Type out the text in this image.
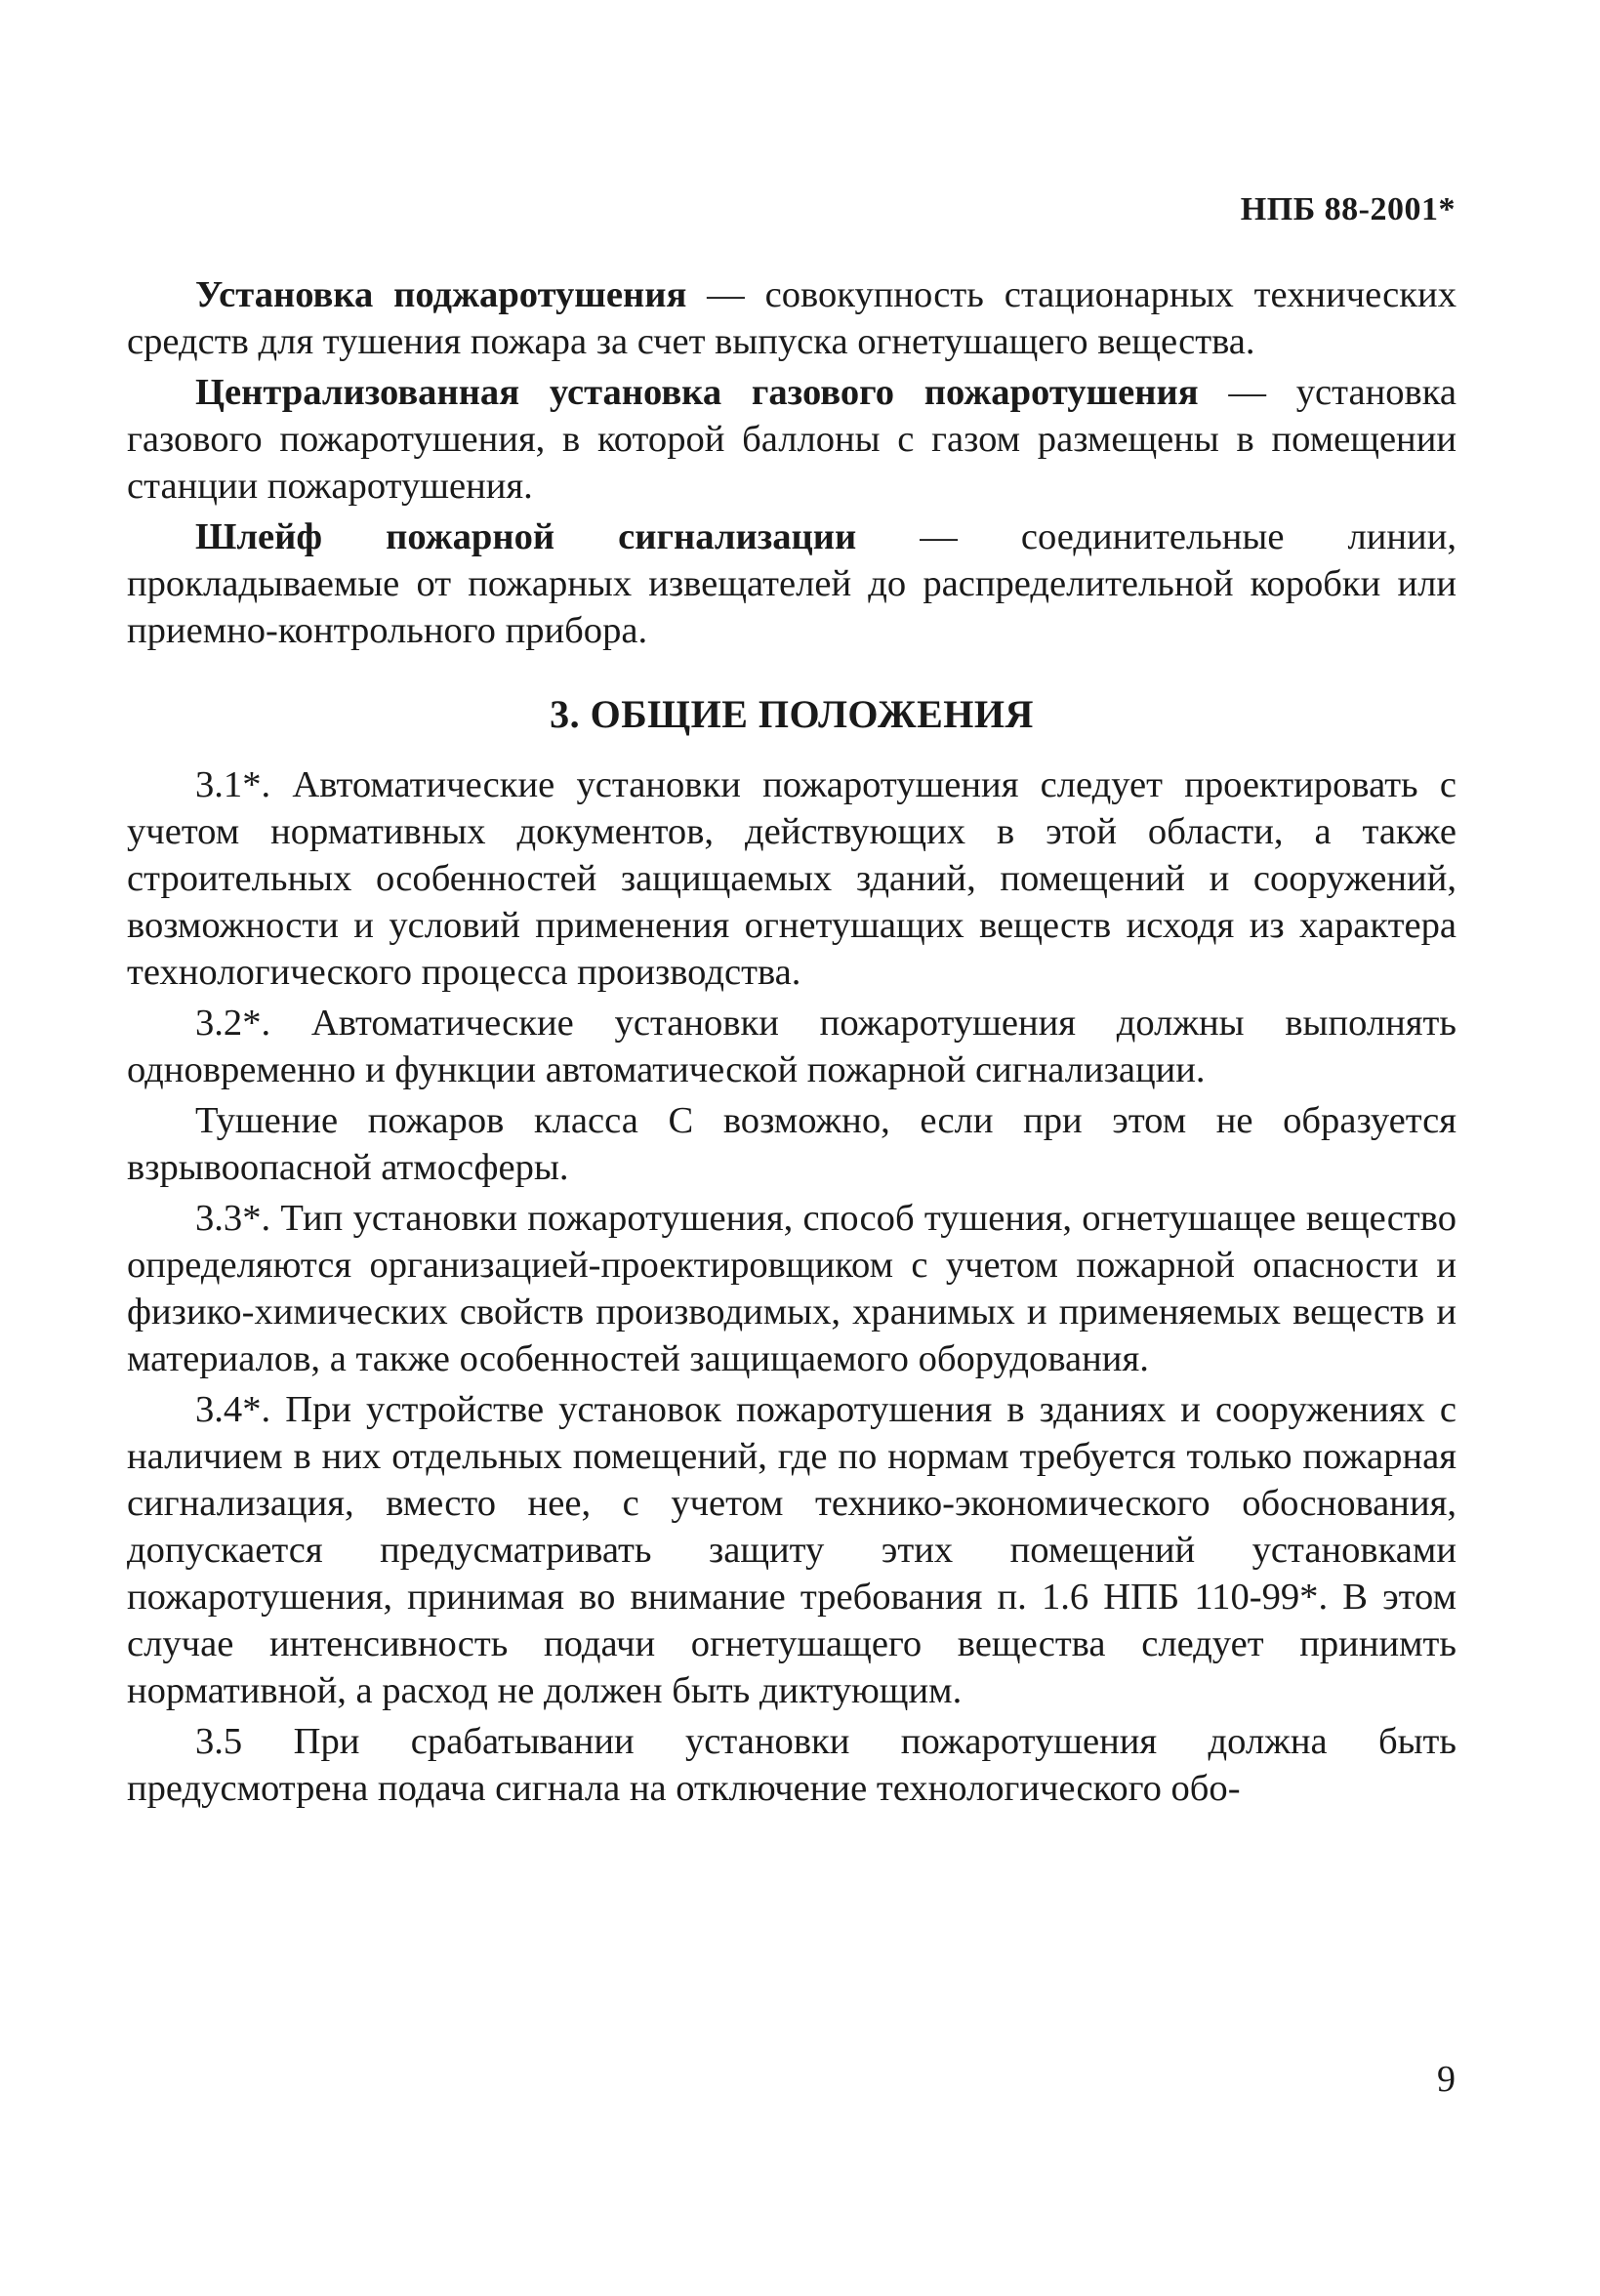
НПБ 88-2001*

Установка поджаротушения — совокупность стационарных технических средств для тушения пожара за счет выпуска огнетушащего вещества.

Централизованная установка газового пожаротушения — установка газового пожаротушения, в которой баллоны с газом размещены в помещении станции пожаротушения.

Шлейф пожарной сигнализации — соединительные линии, прокладываемые от пожарных извещателей до распределительной коробки или приемно-контрольного прибора.

3. ОБЩИЕ ПОЛОЖЕНИЯ

3.1*. Автоматические установки пожаротушения следует проектировать с учетом нормативных документов, действующих в этой области, а также строительных особенностей защищаемых зданий, помещений и сооружений, возможности и условий применения огнетушащих веществ исходя из характера технологического процесса производства.

3.2*. Автоматические установки пожаротушения должны выполнять одновременно и функции автоматической пожарной сигнализации.

Тушение пожаров класса С возможно, если при этом не образуется взрывоопасной атмосферы.

3.3*. Тип установки пожаротушения, способ тушения, огнетушащее вещество определяются организацией-проектировщиком с учетом пожарной опасности и физико-химических свойств производимых, хранимых и применяемых веществ и материалов, а также особенностей защищаемого оборудования.

3.4*. При устройстве установок пожаротушения в зданиях и сооружениях с наличием в них отдельных помещений, где по нормам требуется только пожарная сигнализация, вместо нее, с учетом технико-экономического обоснования, допускается предусматривать защиту этих помещений установками пожаротушения, принимая во внимание требования п. 1.6 НПБ 110-99*. В этом случае интенсивность подачи огнетушащего вещества следует принимть нормативной, а расход не должен быть диктующим.

3.5 При срабатывании установки пожаротушения должна быть предусмотрена подача сигнала на отключение технологического обо-

9
